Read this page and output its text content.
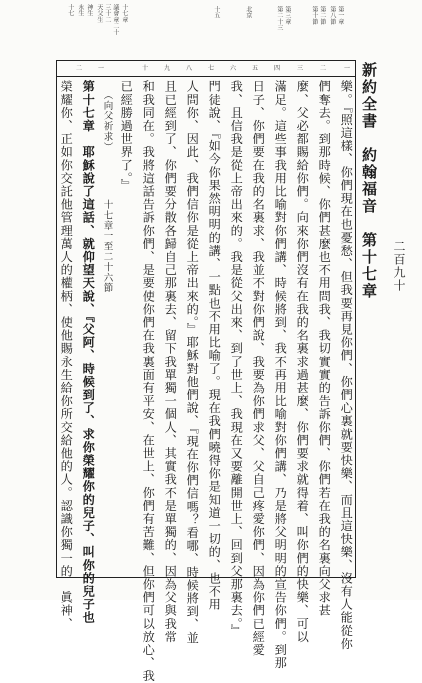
第一章
第八節
第二節
第十節
第三章
第二十三
北京
十五
十七章
議會章二十
三十二
天父生
神生
永生
十七
一
二
三
四
五
六
七
八
九
十
一
二	新約全書　約翰福音　第十七章 二百九十
樂。『照這樣、你們現在也憂愁、但我要再見你們、你們心裏就要快樂、而且這快樂、沒有人能從你
們奪去。到那時候、你們甚麼也不用問我、我切實實的告訴你們、你們若在我的名裏向父求甚
麼、父必都賜給你們。向來你們沒有在我的名裏求過甚麼、你們要求就得着、叫你們的快樂、可以
滿足。這些事我用比喻對你們講、時候將到、我不再用比喻對你們講、乃是將父明明的宣告你們。到那
日子、你們要在我的名裏求、我並不對你們說、我要為你們求父、父自己疼愛你們、因為你們已經愛
我、且信我是從上帝出來的。我是從父出來、到了世上、我現在又要離開世上、回到父那裏去。』
門徒說、『如今你果然明明的講、一點也不用比喻了。現在我們曉得你是知道一切的、也不用
人問你、因此、我們信你是從上帝出來的。』耶穌對他們說、『現在你們信嗎？看哪、時候將到、並
且已經到了、你們要分散各歸自己那裏去、留下我單獨一個人、其實我不是單獨的、因為父與我常
和我同在。我將這話告訴你們、是要使你們在我裏面有平安、在世上、你們有苦難、但你們可以放心、我
已經勝過世界了。』
（向父祈求）　　　　　十七章一至二十六節
第十七章　耶穌說了這話、就仰望天說、『父阿、時候到了、求你榮耀你的兒子、叫你的兒子也
榮耀你、正如你交託他管理萬人的權柄、使他賜永生給你所交給他的人。認識你獨一的　眞神、
